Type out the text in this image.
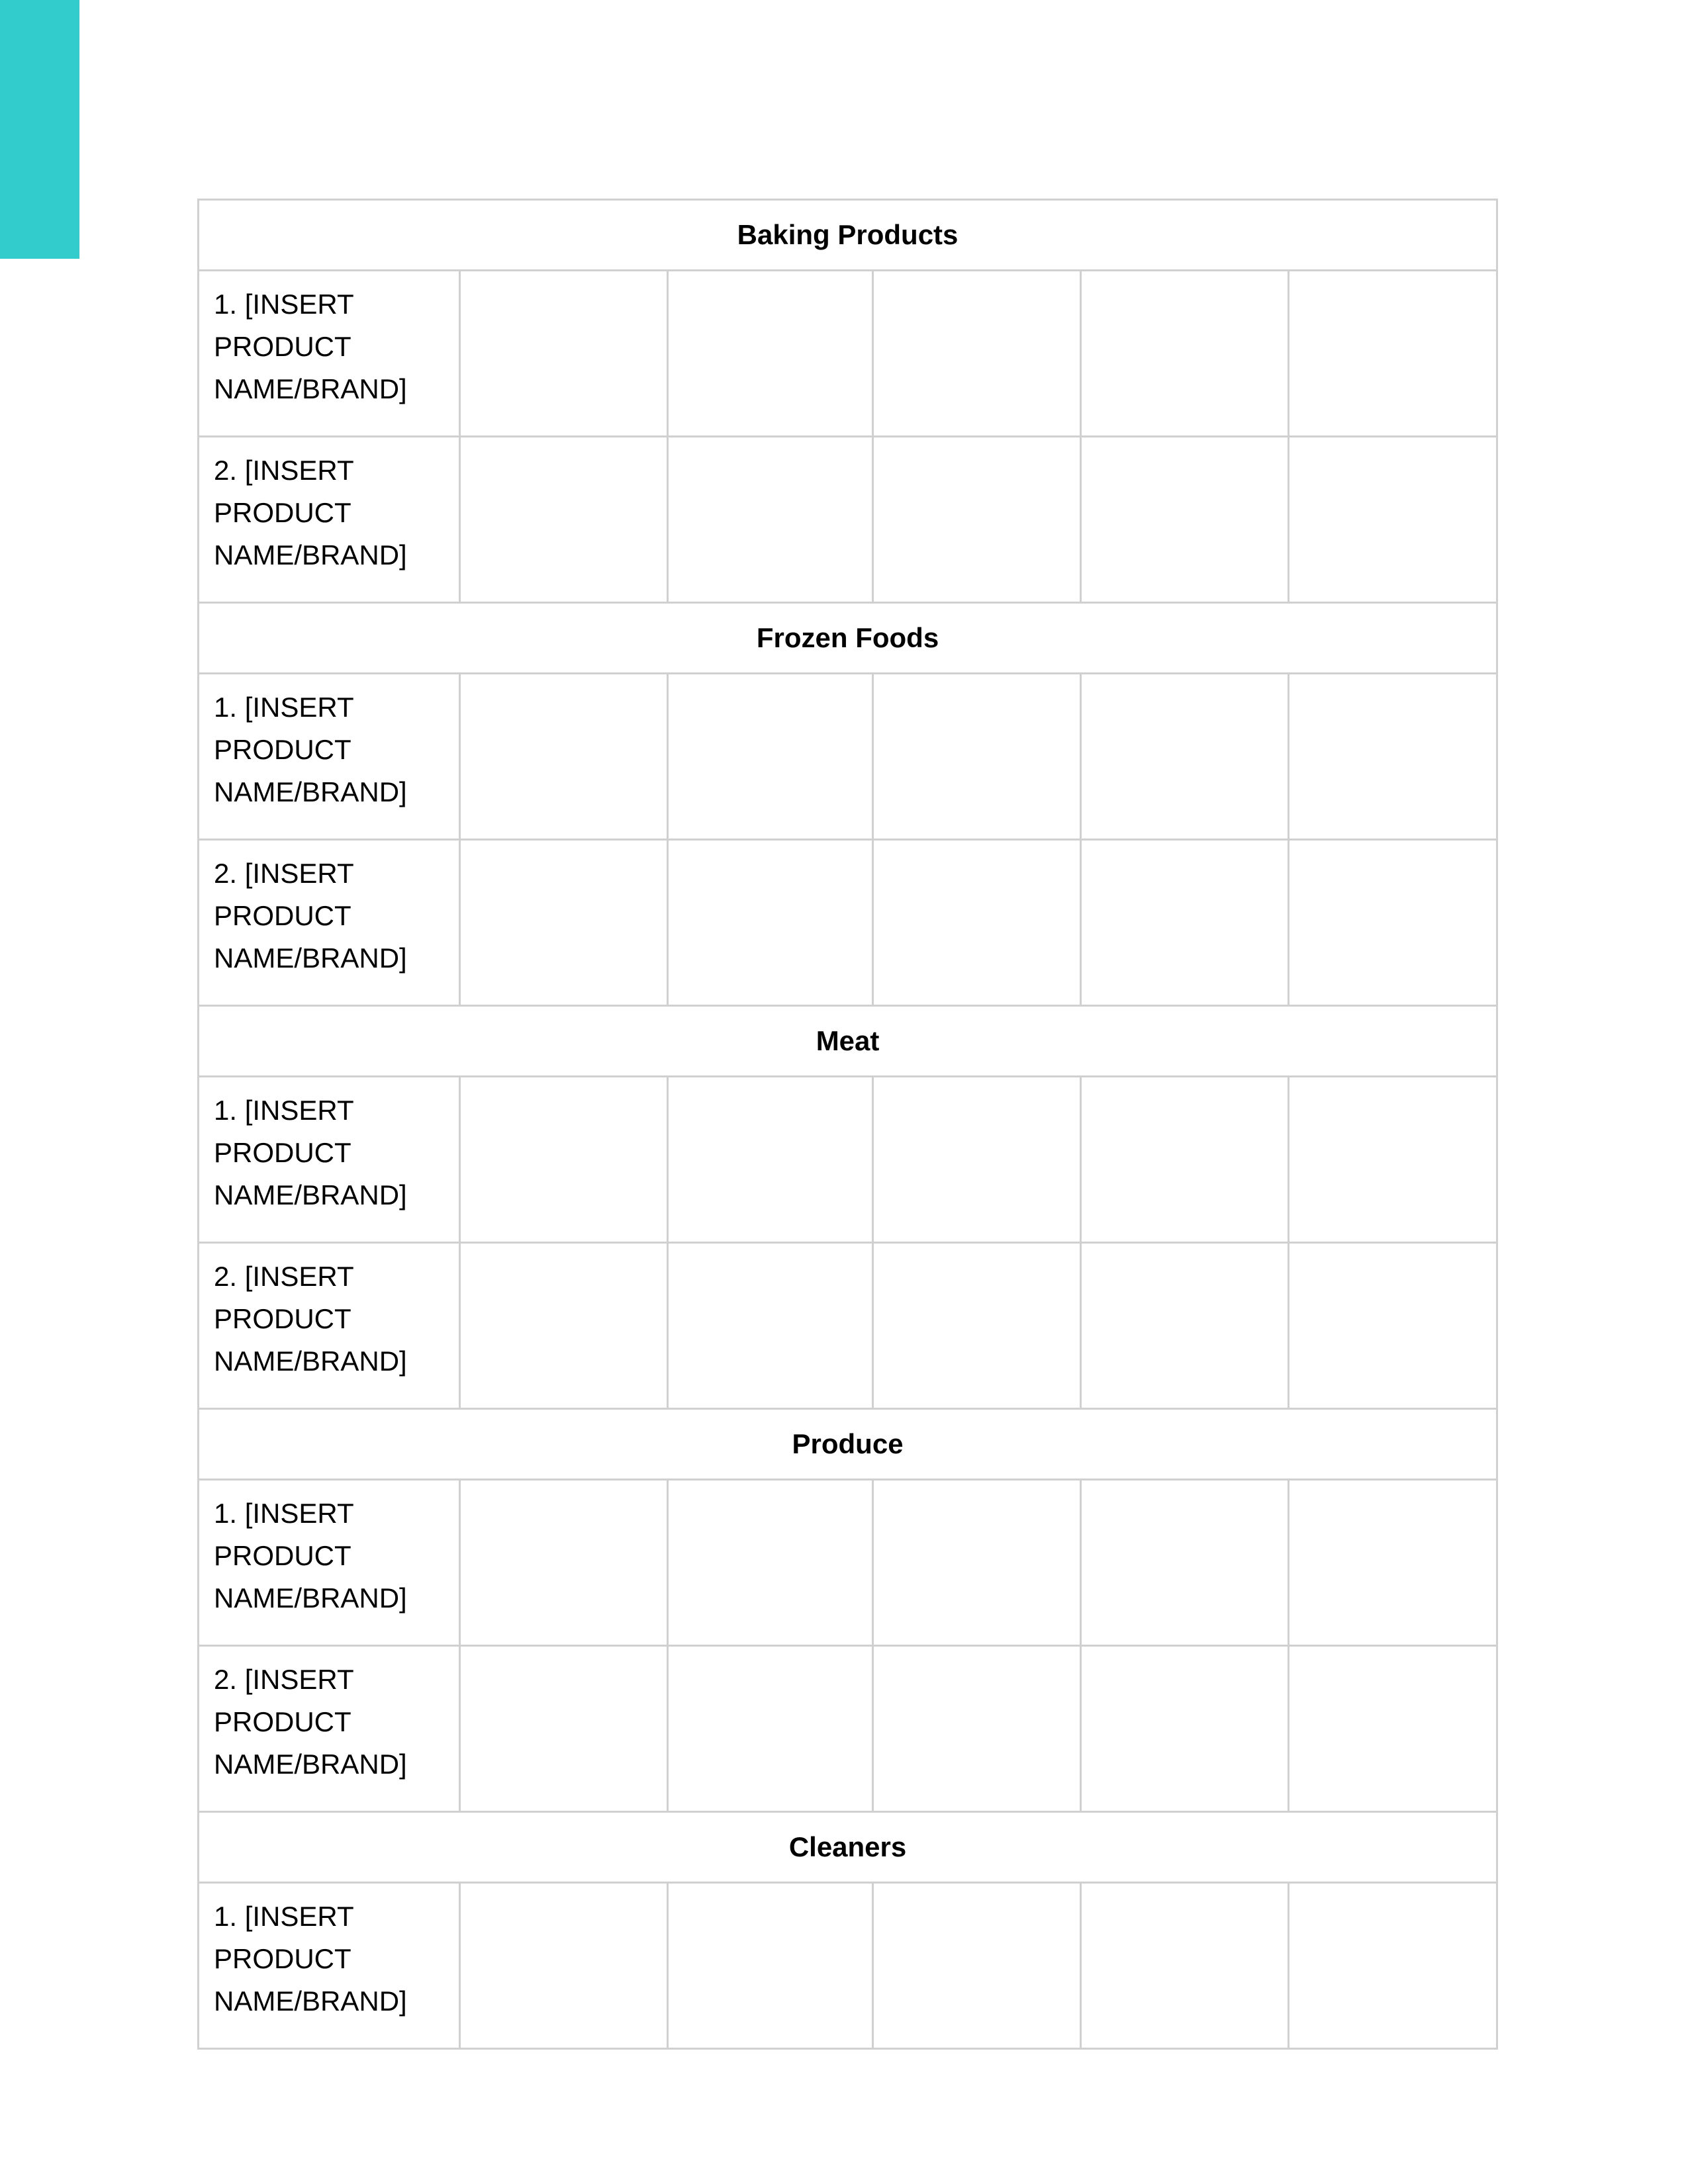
Baking Products					
1. [INSERT
PRODUCT
NAME/BRAND]					
2. [INSERT
PRODUCT
NAME/BRAND]					
Frozen Foods					
1. [INSERT
PRODUCT
NAME/BRAND]					
2. [INSERT
PRODUCT
NAME/BRAND]					
Meat					
1. [INSERT
PRODUCT
NAME/BRAND]					
2. [INSERT
PRODUCT
NAME/BRAND]					
Produce					
1. [INSERT
PRODUCT
NAME/BRAND]					
2. [INSERT
PRODUCT
NAME/BRAND]					
Cleaners					
1. [INSERT
PRODUCT
NAME/BRAND]					
